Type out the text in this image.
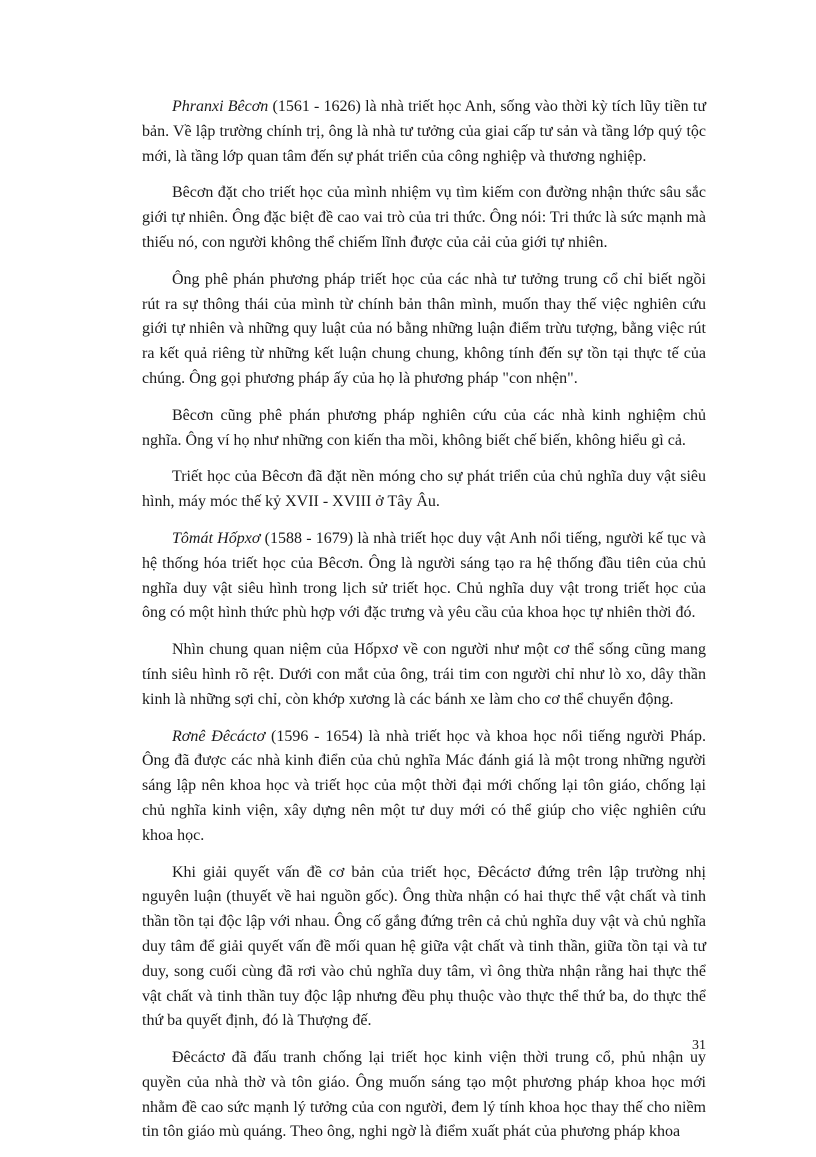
Phranxi Bêcơn (1561 - 1626) là nhà triết học Anh, sống vào thời kỳ tích lũy tiền tư bản. Về lập trường chính trị, ông là nhà tư tưởng của giai cấp tư sản và tầng lớp quý tộc mới, là tầng lớp quan tâm đến sự phát triển của công nghiệp và thương nghiệp.

Bêcơn đặt cho triết học của mình nhiệm vụ tìm kiếm con đường nhận thức sâu sắc giới tự nhiên. Ông đặc biệt đề cao vai trò của tri thức. Ông nói: Tri thức là sức mạnh mà thiếu nó, con người không thể chiếm lĩnh được của cải của giới tự nhiên.

Ông phê phán phương pháp triết học của các nhà tư tưởng trung cổ chỉ biết ngồi rút ra sự thông thái của mình từ chính bản thân mình, muốn thay thế việc nghiên cứu giới tự nhiên và những quy luật của nó bằng những luận điểm trừu tượng, bằng việc rút ra kết quả riêng từ những kết luận chung chung, không tính đến sự tồn tại thực tế của chúng. Ông gọi phương pháp ấy của họ là phương pháp "con nhện".

Bêcơn cũng phê phán phương pháp nghiên cứu của các nhà kinh nghiệm chủ nghĩa. Ông ví họ như những con kiến tha mồi, không biết chế biến, không hiểu gì cả.

Triết học của Bêcơn đã đặt nền móng cho sự phát triển của chủ nghĩa duy vật siêu hình, máy móc thế kỷ XVII - XVIII ở Tây Âu.

Tômát Hốpxơ (1588 - 1679) là nhà triết học duy vật Anh nổi tiếng, người kế tục và hệ thống hóa triết học của Bêcơn. Ông là người sáng tạo ra hệ thống đầu tiên của chủ nghĩa duy vật siêu hình trong lịch sử triết học. Chủ nghĩa duy vật trong triết học của ông có một hình thức phù hợp với đặc trưng và yêu cầu của khoa học tự nhiên thời đó.

Nhìn chung quan niệm của Hốpxơ về con người như một cơ thể sống cũng mang tính siêu hình rõ rệt. Dưới con mắt của ông, trái tim con người chỉ như lò xo, dây thần kinh là những sợi chỉ, còn khớp xương là các bánh xe làm cho cơ thể chuyển động.

Rơnê Đêcáctơ (1596 - 1654) là nhà triết học và khoa học nổi tiếng người Pháp. Ông đã được các nhà kinh điển của chủ nghĩa Mác đánh giá là một trong những người sáng lập nên khoa học và triết học của một thời đại mới chống lại tôn giáo, chống lại chủ nghĩa kinh viện, xây dựng nên một tư duy mới có thể giúp cho việc nghiên cứu khoa học.

Khi giải quyết vấn đề cơ bản của triết học, Đêcáctơ đứng trên lập trường nhị nguyên luận (thuyết về hai nguồn gốc). Ông thừa nhận có hai thực thể vật chất và tinh thần tồn tại độc lập với nhau. Ông cố gắng đứng trên cả chủ nghĩa duy vật và chủ nghĩa duy tâm để giải quyết vấn đề mối quan hệ giữa vật chất và tinh thần, giữa tồn tại và tư duy, song cuối cùng đã rơi vào chủ nghĩa duy tâm, vì ông thừa nhận rằng hai thực thể vật chất và tinh thần tuy độc lập nhưng đều phụ thuộc vào thực thể thứ ba, do thực thể thứ ba quyết định, đó là Thượng đế.

Đêcáctơ đã đấu tranh chống lại triết học kinh viện thời trung cổ, phủ nhận uy quyền của nhà thờ và tôn giáo. Ông muốn sáng tạo một phương pháp khoa học mới nhằm đề cao sức mạnh lý tưởng của con người, đem lý tính khoa học thay thế cho niềm tin tôn giáo mù quáng. Theo ông, nghi ngờ là điểm xuất phát của phương pháp khoa

31
